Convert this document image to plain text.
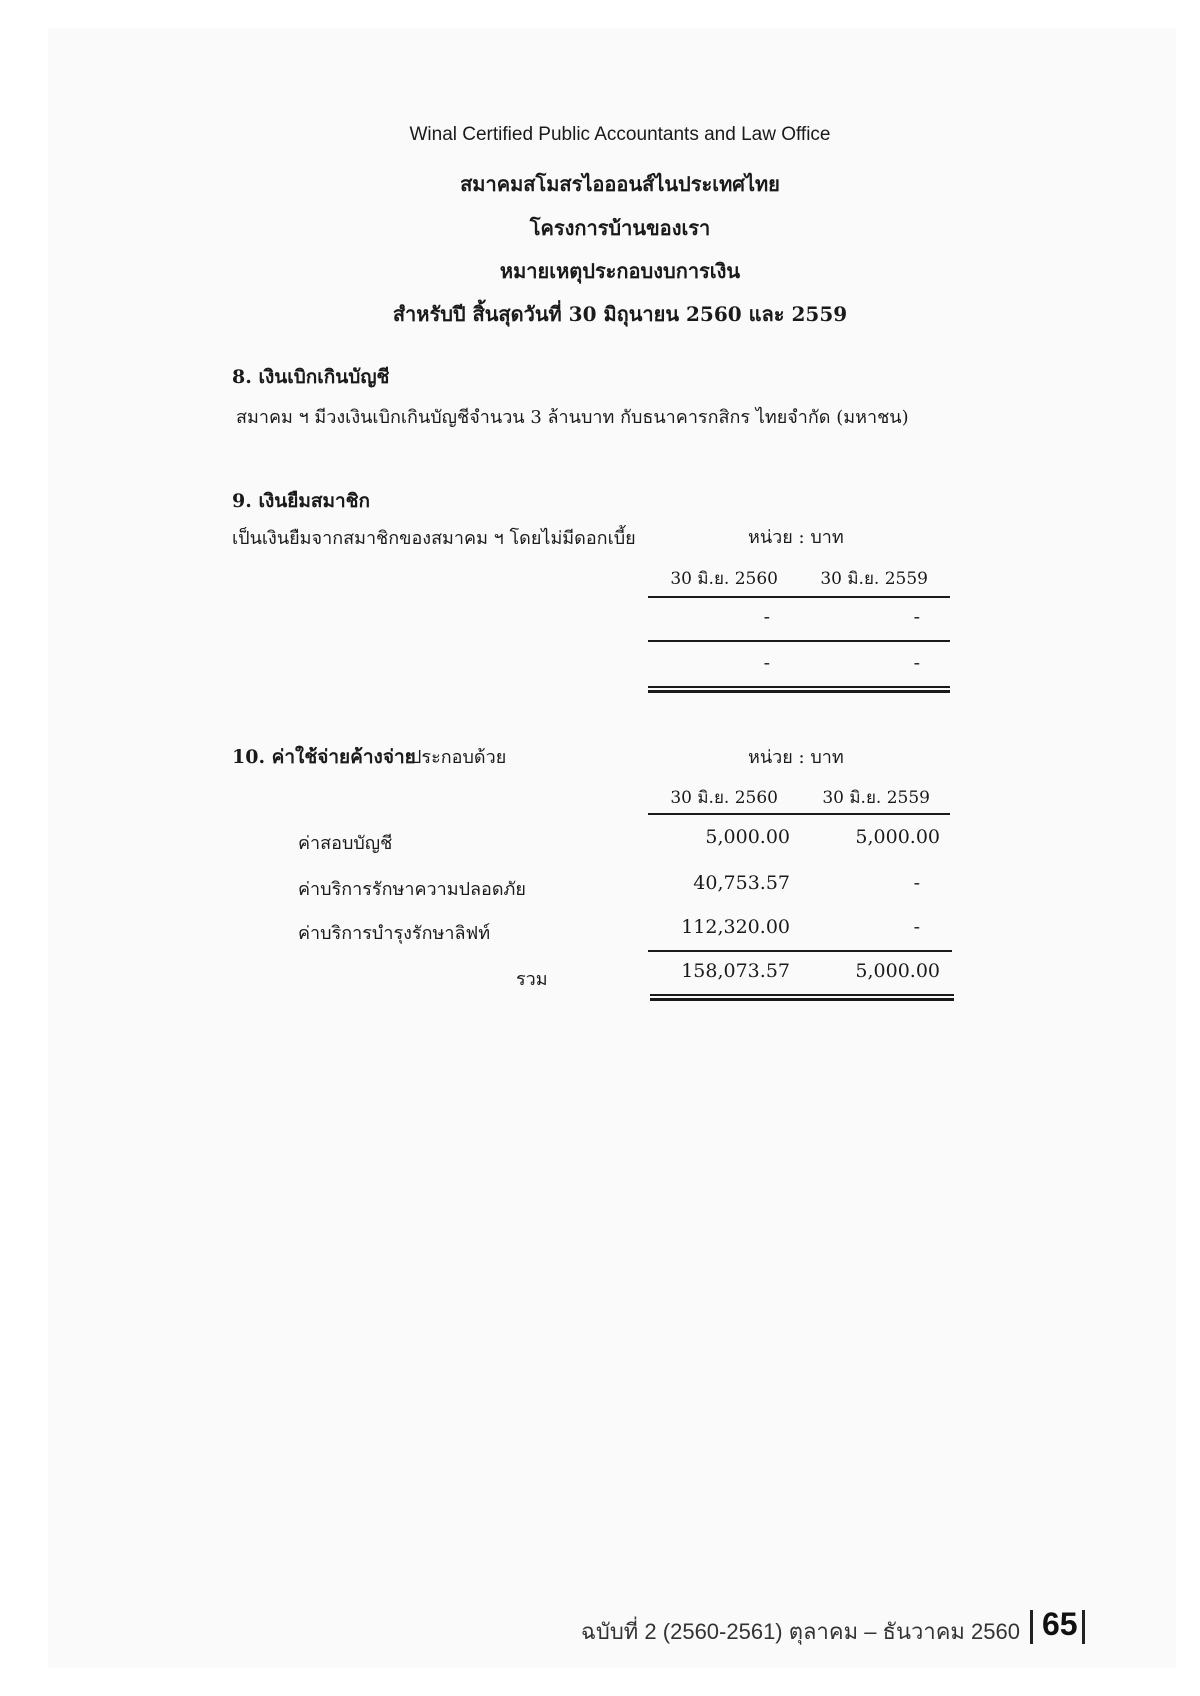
Winal Certified Public Accountants and Law Office
สมาคมสโมสรไอออนส์ไนประเทศไทย
โครงการบ้านของเรา
หมายเหตุประกอบงบการเงิน
สำหรับปี สิ้นสุดวันที่ 30 มิถุนายน 2560 และ 2559
8. เงินเบิกเกินบัญชี
สมาคม ฯ มีวงเงินเบิกเกินบัญชีจำนวน 3 ล้านบาท กับธนาคารกสิกร ไทยจำกัด (มหาชน)
9. เงินยืมสมาชิก
เป็นเงินยืมจากสมาชิกของสมาคม ฯ โดยไม่มีดอกเบี้ย	หน่วย : บาท
30 มิ.ย. 2560	30 มิ.ย. 2559
-	-
-	-
10. ค่าใช้จ่ายค้างจ่าย
ประกอบด้วย	หน่วย : บาท
30 มิ.ย. 2560	30 มิ.ย. 2559
ค่าสอบบัญชี	5,000.00	5,000.00
ค่าบริการรักษาความปลอดภัย	40,753.57	-
ค่าบริการบำรุงรักษาลิฟท์	112,320.00	-
รวม	158,073.57	5,000.00
ฉบับที่ 2 (2560-2561) ตุลาคม – ธันวาคม 2560 65
